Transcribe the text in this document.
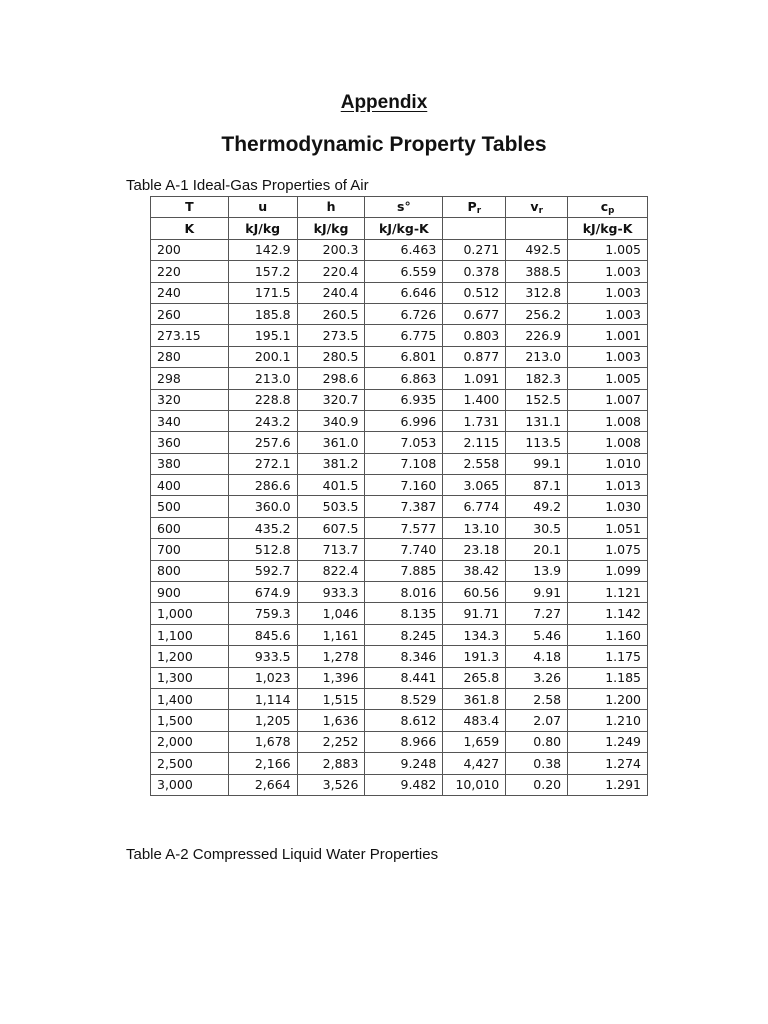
Appendix
Thermodynamic Property Tables
Table A-1 Ideal-Gas Properties of Air
T	u	h	s°	$P_r$	$v_r$	$c_p$
K	kJ/kg	kJ/kg	kJ/kg-K			kJ/kg-K
200	142.9	200.3	6.463	0.271	492.5	1.005
220	157.2	220.4	6.559	0.378	388.5	1.003
240	171.5	240.4	6.646	0.512	312.8	1.003
260	185.8	260.5	6.726	0.677	256.2	1.003
273.15	195.1	273.5	6.775	0.803	226.9	1.001
280	200.1	280.5	6.801	0.877	213.0	1.003
298	213.0	298.6	6.863	1.091	182.3	1.005
320	228.8	320.7	6.935	1.400	152.5	1.007
340	243.2	340.9	6.996	1.731	131.1	1.008
360	257.6	361.0	7.053	2.115	113.5	1.008
380	272.1	381.2	7.108	2.558	99.1	1.010
400	286.6	401.5	7.160	3.065	87.1	1.013
500	360.0	503.5	7.387	6.774	49.2	1.030
600	435.2	607.5	7.577	13.10	30.5	1.051
700	512.8	713.7	7.740	23.18	20.1	1.075
800	592.7	822.4	7.885	38.42	13.9	1.099
900	674.9	933.3	8.016	60.56	9.91	1.121
1,000	759.3	1,046	8.135	91.71	7.27	1.142
1,100	845.6	1,161	8.245	134.3	5.46	1.160
1,200	933.5	1,278	8.346	191.3	4.18	1.175
1,300	1,023	1,396	8.441	265.8	3.26	1.185
1,400	1,114	1,515	8.529	361.8	2.58	1.200
1,500	1,205	1,636	8.612	483.4	2.07	1.210
2,000	1,678	2,252	8.966	1,659	0.80	1.249
2,500	2,166	2,883	9.248	4,427	0.38	1.274
3,000	2,664	3,526	9.482	10,010	0.20	1.291
Table A-2 Compressed Liquid Water Properties
